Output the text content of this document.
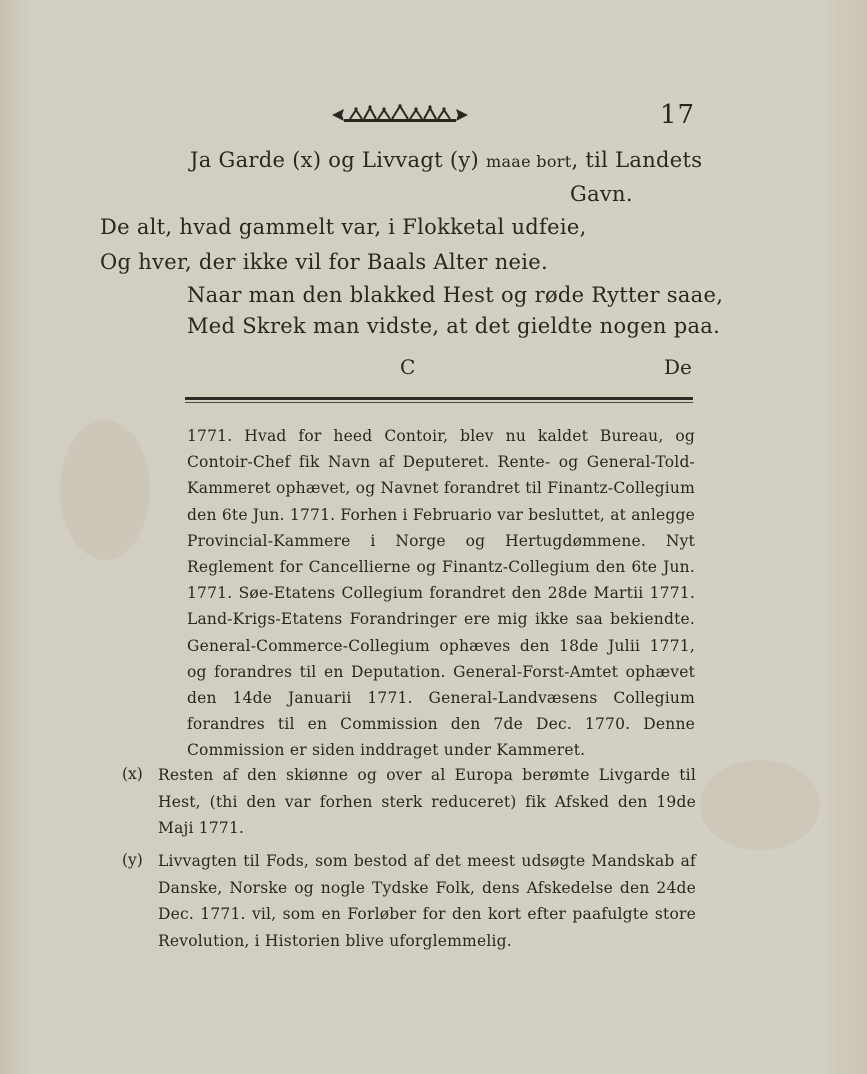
17
Ja Garde (x) og Livvagt (y) maae bort, til Landets
Gavn.
De alt, hvad gammelt var, i Flokketal udfeie,
Og hver, der ikke vil for Baals Alter neie.
Naar man den blakked Hest og røde Rytter saae,
Med Skrek man vidste, at det gieldte nogen paa.
C	De

1771. Hvad for heed Contoir, blev nu kaldet Bureau, og Contoir-Chef fik Navn af Deputeret. Rente- og General-Told-Kammeret ophævet, og Navnet forandret til Finantz-Collegium den 6te Jun. 1771. Forhen i Februario var besluttet, at anlegge Provincial-Kammere i Norge og Hertugdømmene. Nyt Reglement for Cancellierne og Finantz-Collegium den 6te Jun. 1771. Søe-Etatens Collegium forandret den 28de Martii 1771. Land-Krigs-Etatens Forandringer ere mig ikke saa bekiendte. General-Commerce-Collegium ophæves den 18de Julii 1771, og forandres til en Deputation. General-Forst-Amtet ophævet den 14de Januarii 1771. General-Landvæsens Collegium forandres til en Commission den 7de Dec. 1770. Denne Commission er siden inddraget under Kammeret.

(x) Resten af den skiønne og over al Europa berømte Livgarde til Hest, (thi den var forhen sterk reduceret) fik Afsked den 19de Maji 1771.
(y) Livvagten til Fods, som bestod af det meest udsøgte Mandskab af Danske, Norske og nogle Tydske Folk, dens Afskedelse den 24de Dec. 1771. vil, som en Forløber for den kort efter paafulgte store Revolution, i Historien blive uforglemmelig.
